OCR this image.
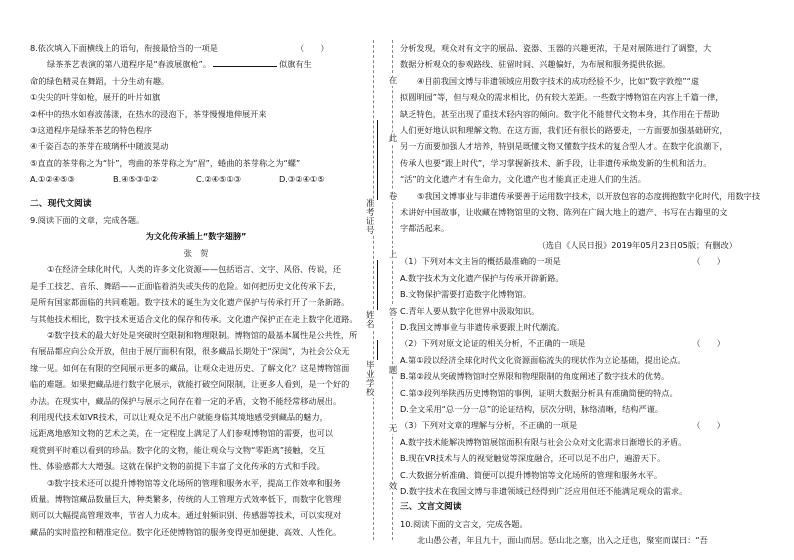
8.依次填入下面横线上的语句，衔接最恰当的一项是	（　　）
绿茶茶艺表演的第八道程序是“春波展旗枪”。	似旗有生
命的绿色精灵在舞蹈，十分生动有趣。
①尖尖的叶芽如枪，展开的叶片如旗
②杯中的热水如春波荡漾，在热水的浸泡下，茶芽慢慢地伸展开来
③这道程序是绿茶茶艺的特色程序
④千姿百态的茶芽在玻璃杯中随波晃动
⑤直直的茶芽称之为“针”，弯曲的茶芽称之为“眉”，蜷曲的茶芽称之为“螺”
A.①②④⑤③	B.④⑤③①②	C.②④⑤①③	D.③②④①⑤
二、现代文阅读
9.阅读下面的文章，完成各题。
为文化传承插上“数字翅膀”
张　贺
①在经济全球化时代，人类的许多文化资源——包括语言、文字、风俗、传说，还
是手工技艺、音乐、舞蹈——正面临着消失或失传的危险。如何把历史文化传承下去，
是所有国家都面临的共同难题。数字技术的诞生为文化遗产保护与传承打开了一条新路。
与其他技术相比，数字技术更适合文化的保存和传承。文化遗产保护正在走上数字化道路。
②数字技术的最大好处是突破时空限制和物理限制。博物馆的最基本属性是公共性，所
有展品都应向公众开放，但由于展厅面积有限，很多藏品长期处于“深闺”，为社会公众无
缘一见。如何在有限的空间展示更多的藏品，让观众走进历史、了解文化？这是博物馆面
临的难题。如果把藏品进行数字化展示，就能打破空间限制，让更多人看到，是一个好的
办法。在现实中，藏品的保护与展示之间存在着一定的矛盾，文物不能经常移动展出。
利用现代技术如VR技术，可以让观众足不出户就能身临其境地感受到藏品的魅力，
远距离地感知文物的艺术之美，在一定程度上满足了人们参观博物馆的需要，也可以
观赏到平时难以看到的珍品。数字化的文物，能让观众与文物“零距离”接触，交互
性、体验感都大大增强。这就在保护文物的前提下丰富了文化传承的方式和手段。
③数字技术还可以提升博物馆等文化场所的管理和服务水平，提高工作效率和服务
质量。博物馆藏品数量巨大，种类繁多，传统的人工管理方式效率低下，而数字化管理
则可以大幅提高管理效率，节省人力成本。通过射频识别、传感器等技术，可以实现对
藏品的实时监控和精准定位。数字化还使博物馆的服务变得更加便捷、高效、人性化。
在
此
卷
上
答
题
无
效
准考证号
姓名
毕业学校
分析发现，观众对有文字的展品、瓷器、玉器的兴趣更浓，于是对展陈进行了调整，大
数据分析观众的参观路线、驻留时间、兴趣偏好，为布展和服务提供依据。
④目前我国文博与非遗领域应用数字技术的成功经验不少，比如“数字敦煌”“虚
拟圆明园”等，但与观众的需求相比，仍有较大差距。一些数字博物馆在内容上千篇一律，
缺乏特色，甚至出现了重技术轻内容的倾向。数字化不能替代文物本身，其作用在于帮助
人们更好地认识和理解文物。在这方面，我们还有很长的路要走，一方面要加强基础研究，
另一方面要加强人才培养，特别是既懂文物又懂数字技术的复合型人才。在数字化浪潮下，
传承人也要“跟上时代”，学习掌握新技术、新手段，让非遗传承焕发新的生机和活力。
“活”的文化遗产才有生命力，文化遗产也才能真正走进人们的生活。
⑤我国文博事业与非遗传承要善于运用数字技术，以开放包容的态度拥抱数字化时代，用数字技
术讲好中国故事，让收藏在博物馆里的文物、陈列在广阔大地上的遗产、书写在古籍里的文
字都活起来。
（选自《人民日报》2019年05月23日05版；有删改）
（1）下列对本文主旨的概括最准确的一项是	（　　）
A.数字技术为文化遗产保护与传承开辟新路。
B.文物保护需要打造数字化博物馆。
C.青年人要从数字化世界中汲取知识。
D.我国文博事业与非遗传承要跟上时代潮流。
（2）下列对原文论证的相关分析，不正确的一项是	（　　）
A.第①段以经济全球化时代文化资源面临流失的现状作为立论基础，提出论点。
B.第②段从突破博物馆时空界限和物理限制的角度阐述了数字技术的优势。
C.第③段列举陕西历史博物馆的事例，证明大数据分析具有准确简便的特点。
D.全文采用“总一分一总”的论证结构，层次分明，脉络清晰，结构严谨。
（3）下列对文章的理解与分析，不正确的一项是	（　　）
A.数字技术能解决博物馆展馆面积有限与社会公众对文化需求日渐增长的矛盾。
B.现在VR技术与人的视觉触觉等深度融合，还可以足不出户，遍游天下。
C.大数据分析准确、简便可以提升博物馆等文化场所的管理和服务水平。
D.数字技术在我国文博与非遗领域已经得到广泛应用但还不能满足观众的需求。
三、文言文阅读
10.阅读下面的文言文，完成各题。
北山愚公者，年且九十，面山而居。惩山北之塞，出入之迂也，聚室而谋曰：“吾
